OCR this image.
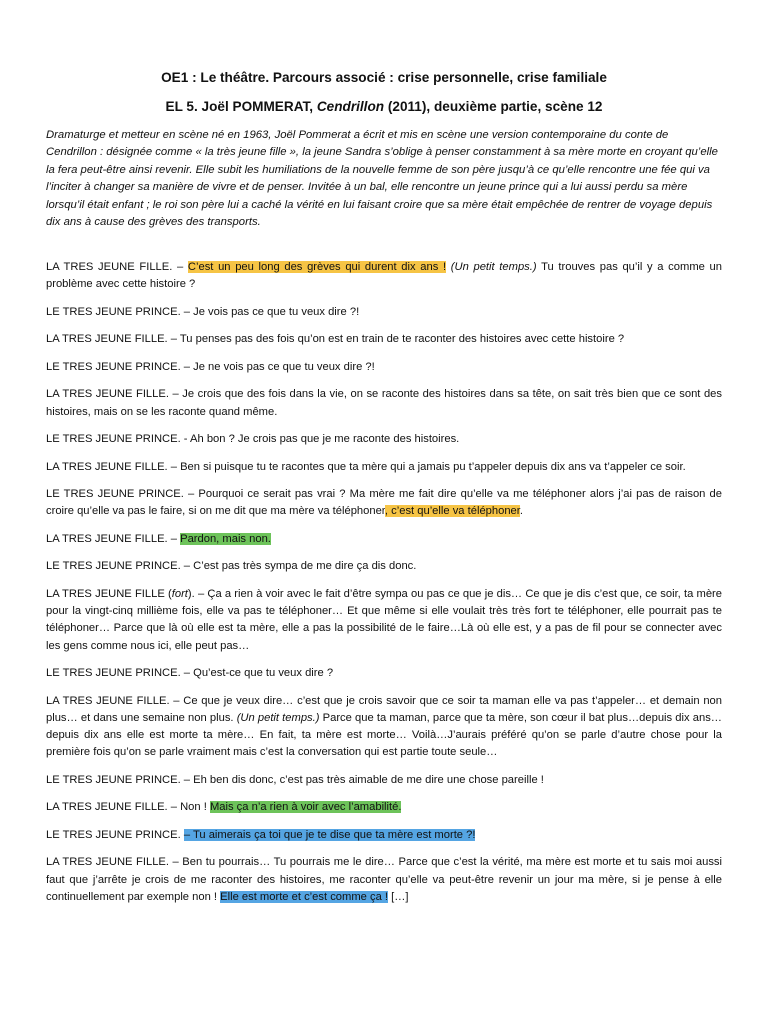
OE1 : Le théâtre. Parcours associé : crise personnelle, crise familiale

EL 5. Joël POMMERAT, Cendrillon (2011), deuxième partie, scène 12

Dramaturge et metteur en scène né en 1963, Joël Pommerat a écrit et mis en scène une version contemporaine du conte de Cendrillon : désignée comme « la très jeune fille », la jeune Sandra s’oblige à penser constamment à sa mère morte en croyant qu’elle la fera peut-être ainsi revenir. Elle subit les humiliations de la nouvelle femme de son père jusqu’à ce qu’elle rencontre une fée qui va l’inciter à changer sa manière de vivre et de penser. Invitée à un bal, elle rencontre un jeune prince qui a lui aussi perdu sa mère lorsqu’il était enfant ; le roi son père lui a caché la vérité en lui faisant croire que sa mère était empêchée de rentrer de voyage depuis dix ans à cause des grèves des transports.

LA TRES JEUNE FILLE. – C’est un peu long des grèves qui durent dix ans ! (Un petit temps.) Tu trouves pas qu’il y a comme un problème avec cette histoire ?

LE TRES JEUNE PRINCE. – Je vois pas ce que tu veux dire ?!

LA TRES JEUNE FILLE. – Tu penses pas des fois qu’on est en train de te raconter des histoires avec cette histoire ?

LE TRES JEUNE PRINCE. – Je ne vois pas ce que tu veux dire ?!

LA TRES JEUNE FILLE. – Je crois que des fois dans la vie, on se raconte des histoires dans sa tête, on sait très bien que ce sont des histoires, mais on se les raconte quand même.

LE TRES JEUNE PRINCE. - Ah bon ? Je crois pas que je me raconte des histoires.

LA TRES JEUNE FILLE. – Ben si puisque tu te racontes que ta mère qui a jamais pu t’appeler depuis dix ans va t’appeler ce soir.

LE TRES JEUNE PRINCE. – Pourquoi ce serait pas vrai ? Ma mère me fait dire qu’elle va me téléphoner alors j’ai pas de raison de croire qu’elle va pas le faire, si on me dit que ma mère va téléphoner, c’est qu’elle va téléphoner.

LA TRES JEUNE FILLE. – Pardon, mais non.

LE TRES JEUNE PRINCE. – C’est pas très sympa de me dire ça dis donc.

LA TRES JEUNE FILLE (fort). – Ça a rien à voir avec le fait d’être sympa ou pas ce que je dis… Ce que je dis c’est que, ce soir, ta mère pour la vingt-cinq millième fois, elle va pas te téléphoner… Et que même si elle voulait très très fort te téléphoner, elle pourrait pas te téléphoner… Parce que là où elle est ta mère, elle a pas la possibilité de le faire…Là où elle est, y a pas de fil pour se connecter avec les gens comme nous ici, elle peut pas…

LE TRES JEUNE PRINCE. – Qu’est-ce que tu veux dire ?

LA TRES JEUNE FILLE. – Ce que je veux dire… c’est que je crois savoir que ce soir ta maman elle va pas t’appeler… et demain non plus… et dans une semaine non plus. (Un petit temps.) Parce que ta maman, parce que ta mère, son cœur il bat plus…depuis dix ans… depuis dix ans elle est morte ta mère… En fait, ta mère est morte… Voilà…J’aurais préféré qu’on se parle d’autre chose pour la première fois qu’on se parle vraiment mais c’est la conversation qui est partie toute seule…

LE TRES JEUNE PRINCE. – Eh ben dis donc, c’est pas très aimable de me dire une chose pareille !

LA TRES JEUNE FILLE. – Non ! Mais ça n’a rien à voir avec l’amabilité.

LE TRES JEUNE PRINCE. – Tu aimerais ça toi que je te dise que ta mère est morte ?!

LA TRES JEUNE FILLE. – Ben tu pourrais… Tu pourrais me le dire… Parce que c’est la vérité, ma mère est morte et tu sais moi aussi faut que j’arrête je crois de me raconter des histoires, me raconter qu’elle va peut-être revenir un jour ma mère, si je pense à elle continuellement par exemple non ! Elle est morte et c’est comme ça ! […]
